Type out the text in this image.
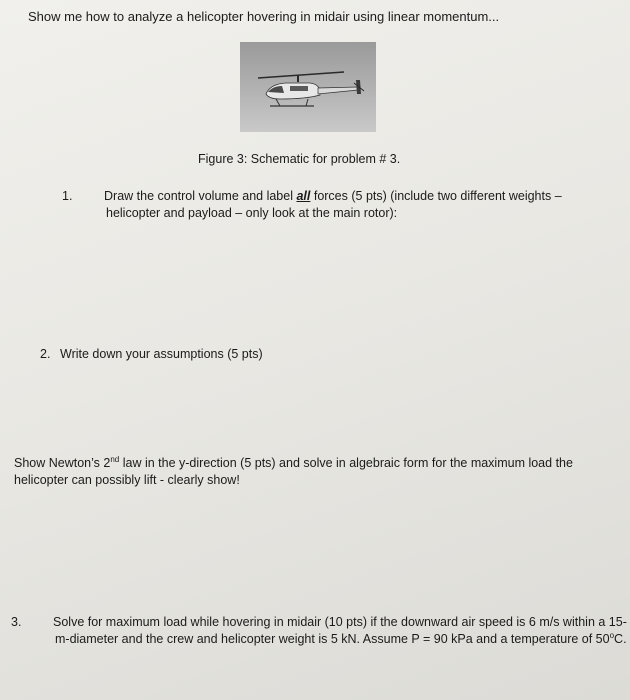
Show me how to analyze a helicopter hovering in midair using linear momentum...
Figure 3: Schematic for problem # 3.
1.	Draw the control volume and label all forces (5 pts) (include two different weights – helicopter and payload – only look at the main rotor):
2. Write down your assumptions (5 pts)
Show Newton’s 2nd law in the y-direction (5 pts) and solve in algebraic form for the maximum load the helicopter can possibly lift - clearly show!
3.	Solve for maximum load while hovering in midair (10 pts) if the downward air speed is 6 m/s within a 15-m-diameter and the crew and helicopter weight is 5 kN. Assume P = 90 kPa and a temperature of 50$^o$C.
